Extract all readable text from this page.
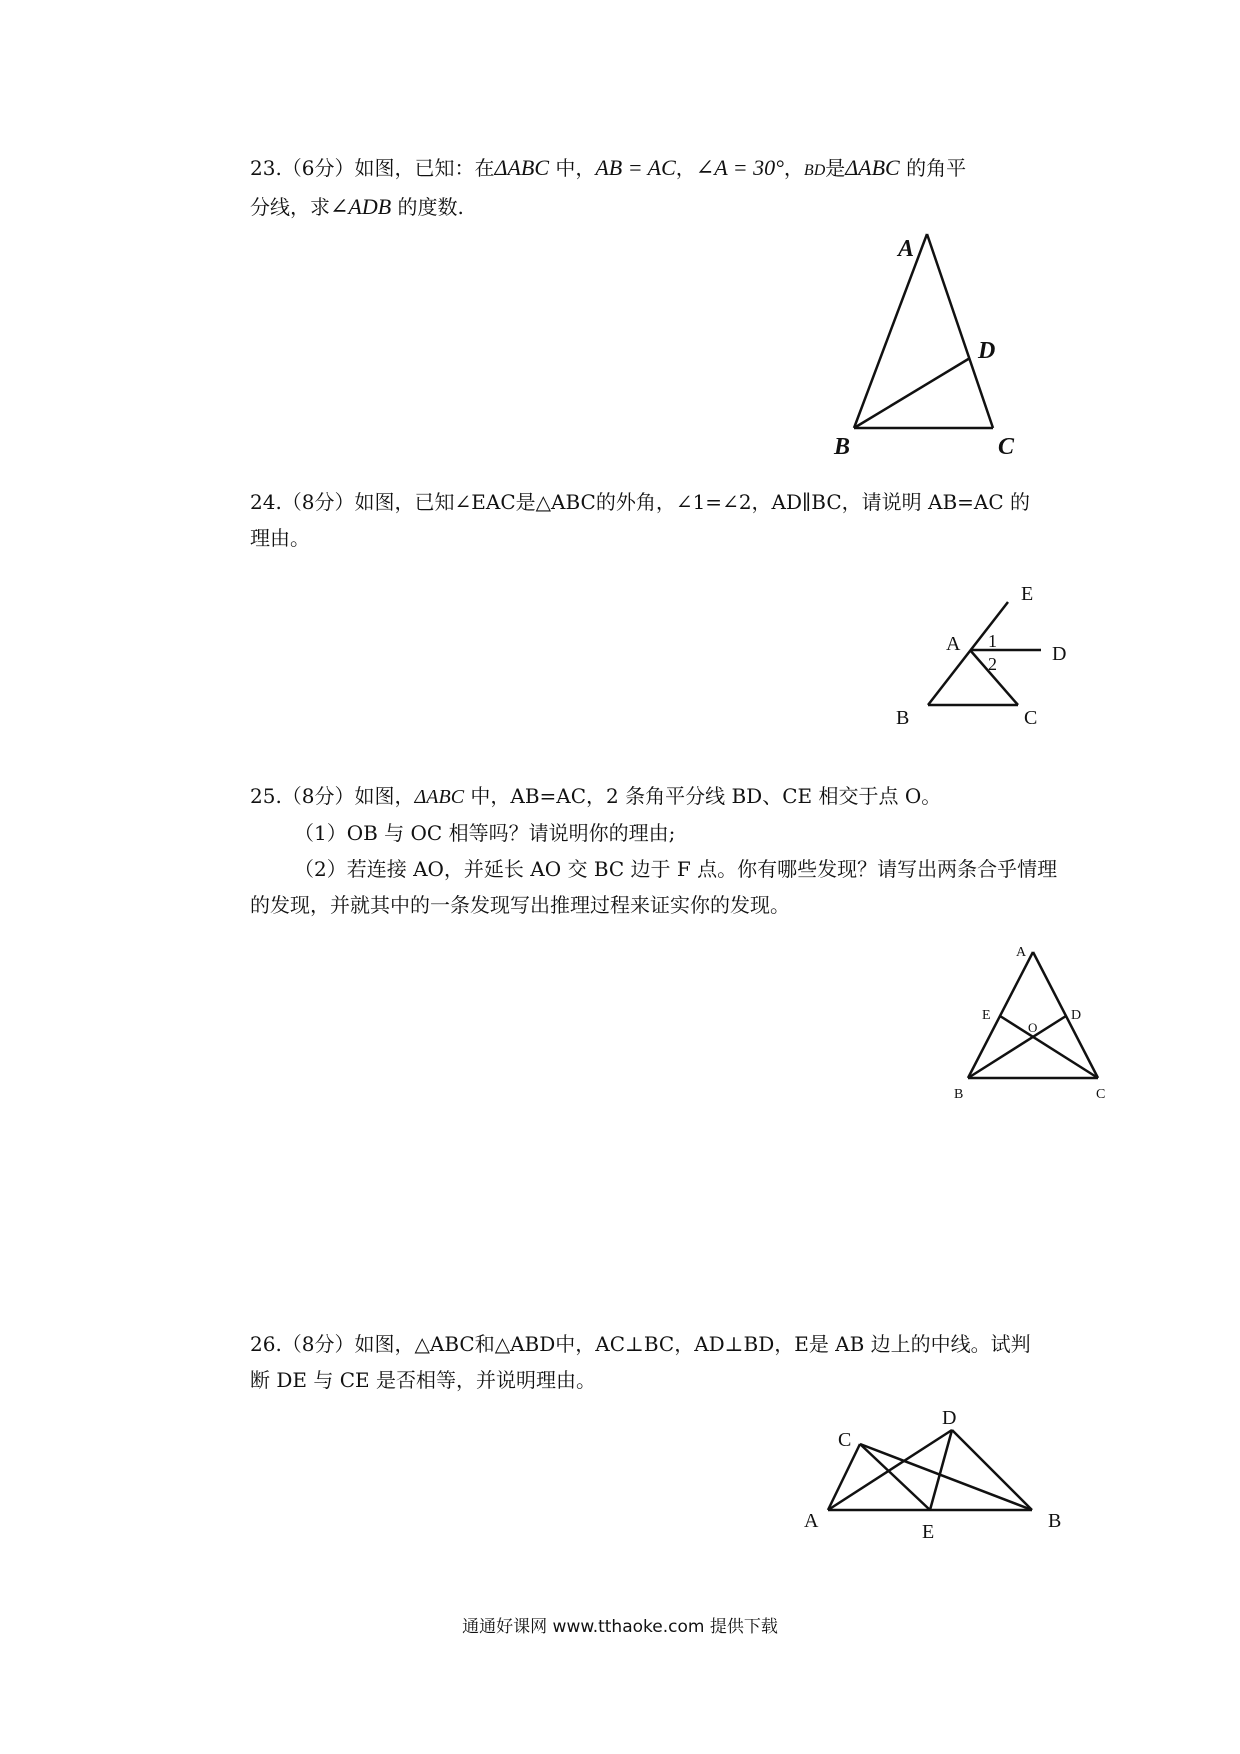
23.（6分）如图，已知：在ΔABC 中，AB = AC，∠A = 30°，BD是ΔABC 的角平

分线，求∠ADB 的度数.

A
D
B	C

24.（8分）如图，已知∠EAC是△ABC的外角，∠1=∠2，AD∥BC，请说明 AB=AC 的

理由。

E
A 1
2	D
B	C

25.（8分）如图，ΔABC 中，AB=AC，2 条角平分线 BD、CE 相交于点 O。

（1）OB 与 OC 相等吗？请说明你的理由;

（2）若连接 AO，并延长 AO 交 BC 边于 F 点。你有哪些发现？请写出两条合乎情理

的发现，并就其中的一条发现写出推理过程来证实你的发现。

A
E
O
D
B	C

26.（8分）如图，△ABC和△ABD中，AC⊥BC，AD⊥BD，E是 AB 边上的中线。试判

断 DE 与 CE 是否相等，并说明理由。

C
D
A	E	B
通通好课网 www.tthaoke.com 提供下载
